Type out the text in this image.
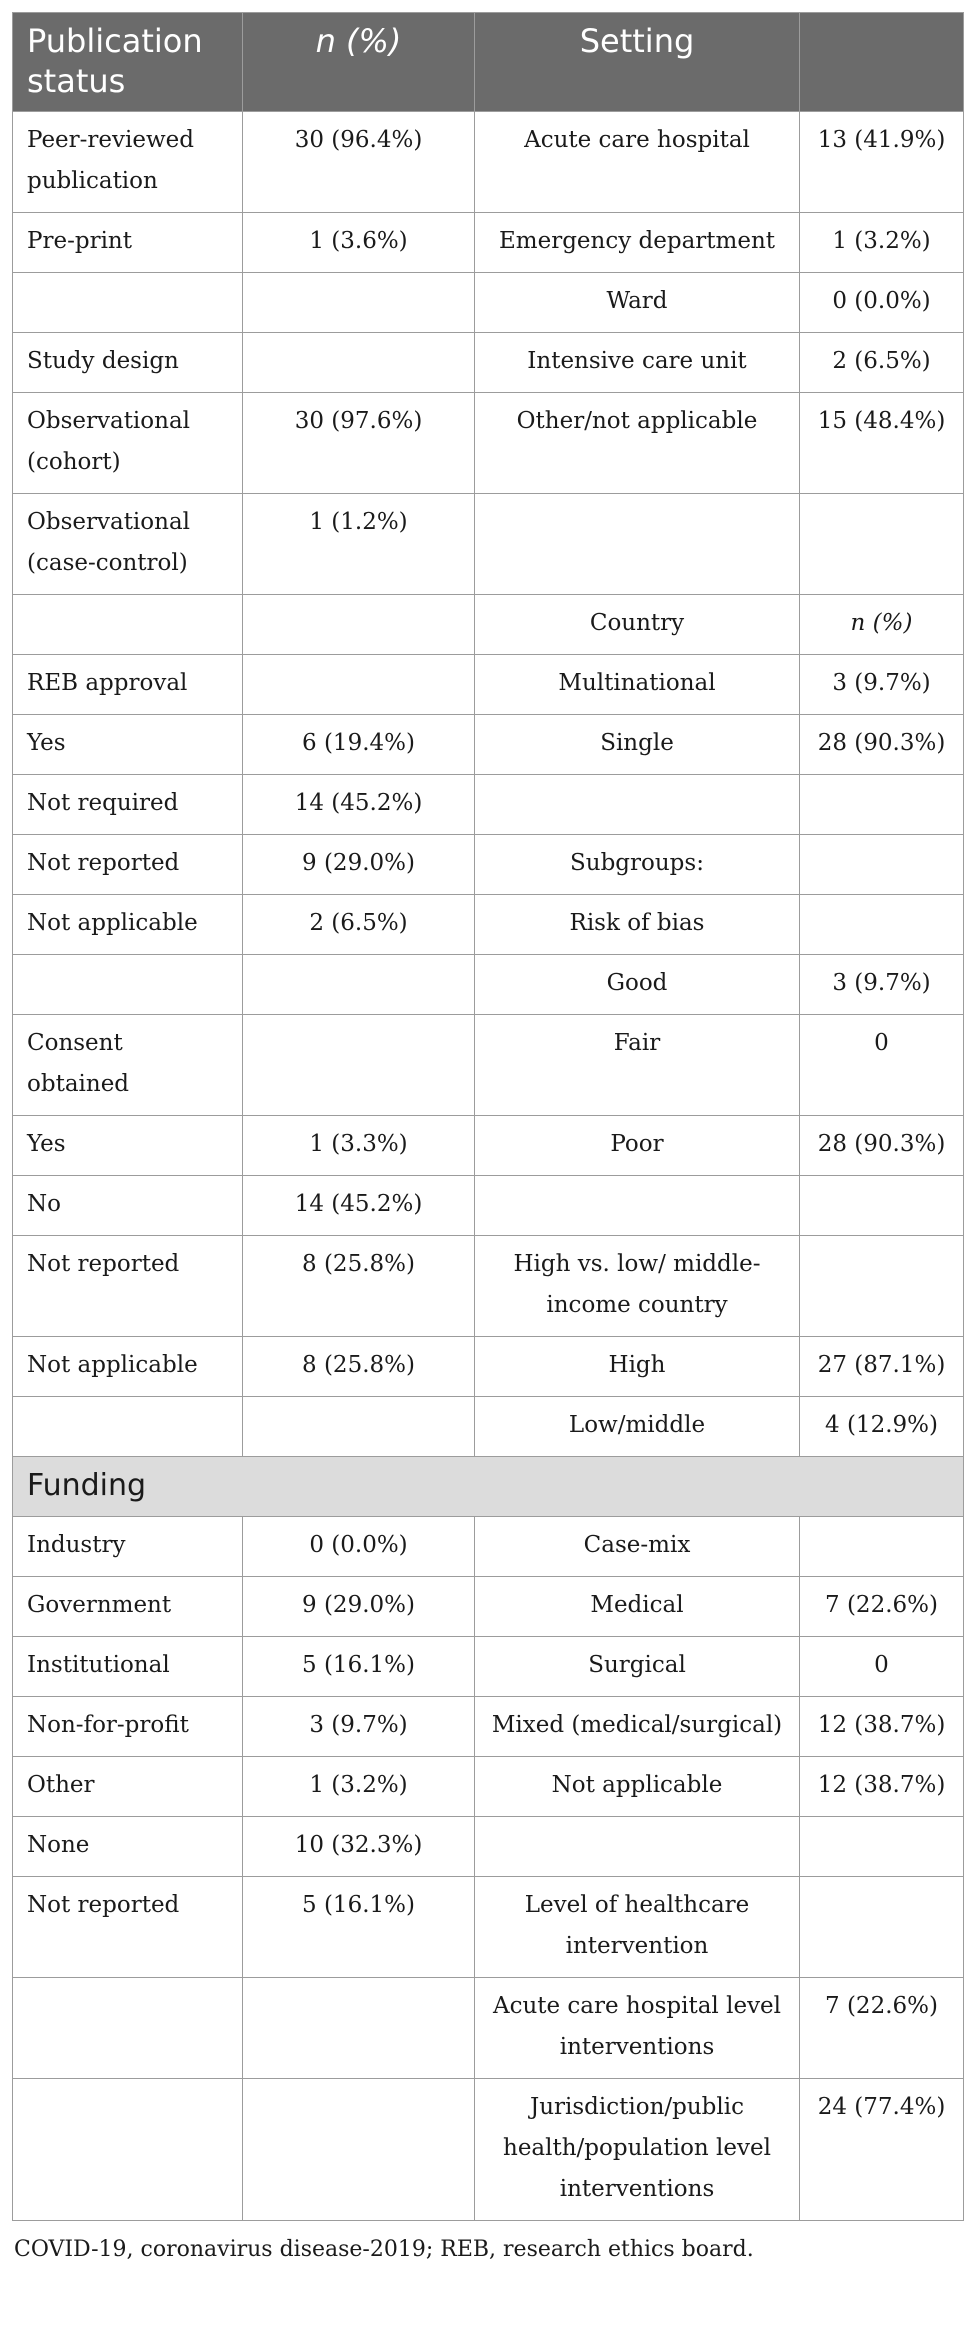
Publication status	n (%)	Setting	
Peer-reviewed publication	30 (96.4%)	Acute care hospital	13 (41.9%)
Pre-print	1 (3.6%)	Emergency department	1 (3.2%)
		Ward	0 (0.0%)
Study design		Intensive care unit	2 (6.5%)
Observational (cohort)	30 (97.6%)	Other/not applicable	15 (48.4%)
Observational (case-control)	1 (1.2%)		
		Country	n (%)
REB approval		Multinational	3 (9.7%)
Yes	6 (19.4%)	Single	28 (90.3%)
Not required	14 (45.2%)		
Not reported	9 (29.0%)	Subgroups:	
Not applicable	2 (6.5%)	Risk of bias	
		Good	3 (9.7%)
Consent obtained		Fair	0
Yes	1 (3.3%)	Poor	28 (90.3%)
No	14 (45.2%)		
Not reported	8 (25.8%)	High vs. low/ middle-income country	
Not applicable	8 (25.8%)	High	27 (87.1%)
		Low/middle	4 (12.9%)
Funding			
Industry	0 (0.0%)	Case-mix	
Government	9 (29.0%)	Medical	7 (22.6%)
Institutional	5 (16.1%)	Surgical	0
Non-for-profit	3 (9.7%)	Mixed (medical/surgical)	12 (38.7%)
Other	1 (3.2%)	Not applicable	12 (38.7%)
None	10 (32.3%)		
Not reported	5 (16.1%)	Level of healthcare intervention	
		Acute care hospital level interventions	7 (22.6%)
		Jurisdiction/public health/population level interventions	24 (77.4%)
COVID-19, coronavirus disease-2019; REB, research ethics board.
